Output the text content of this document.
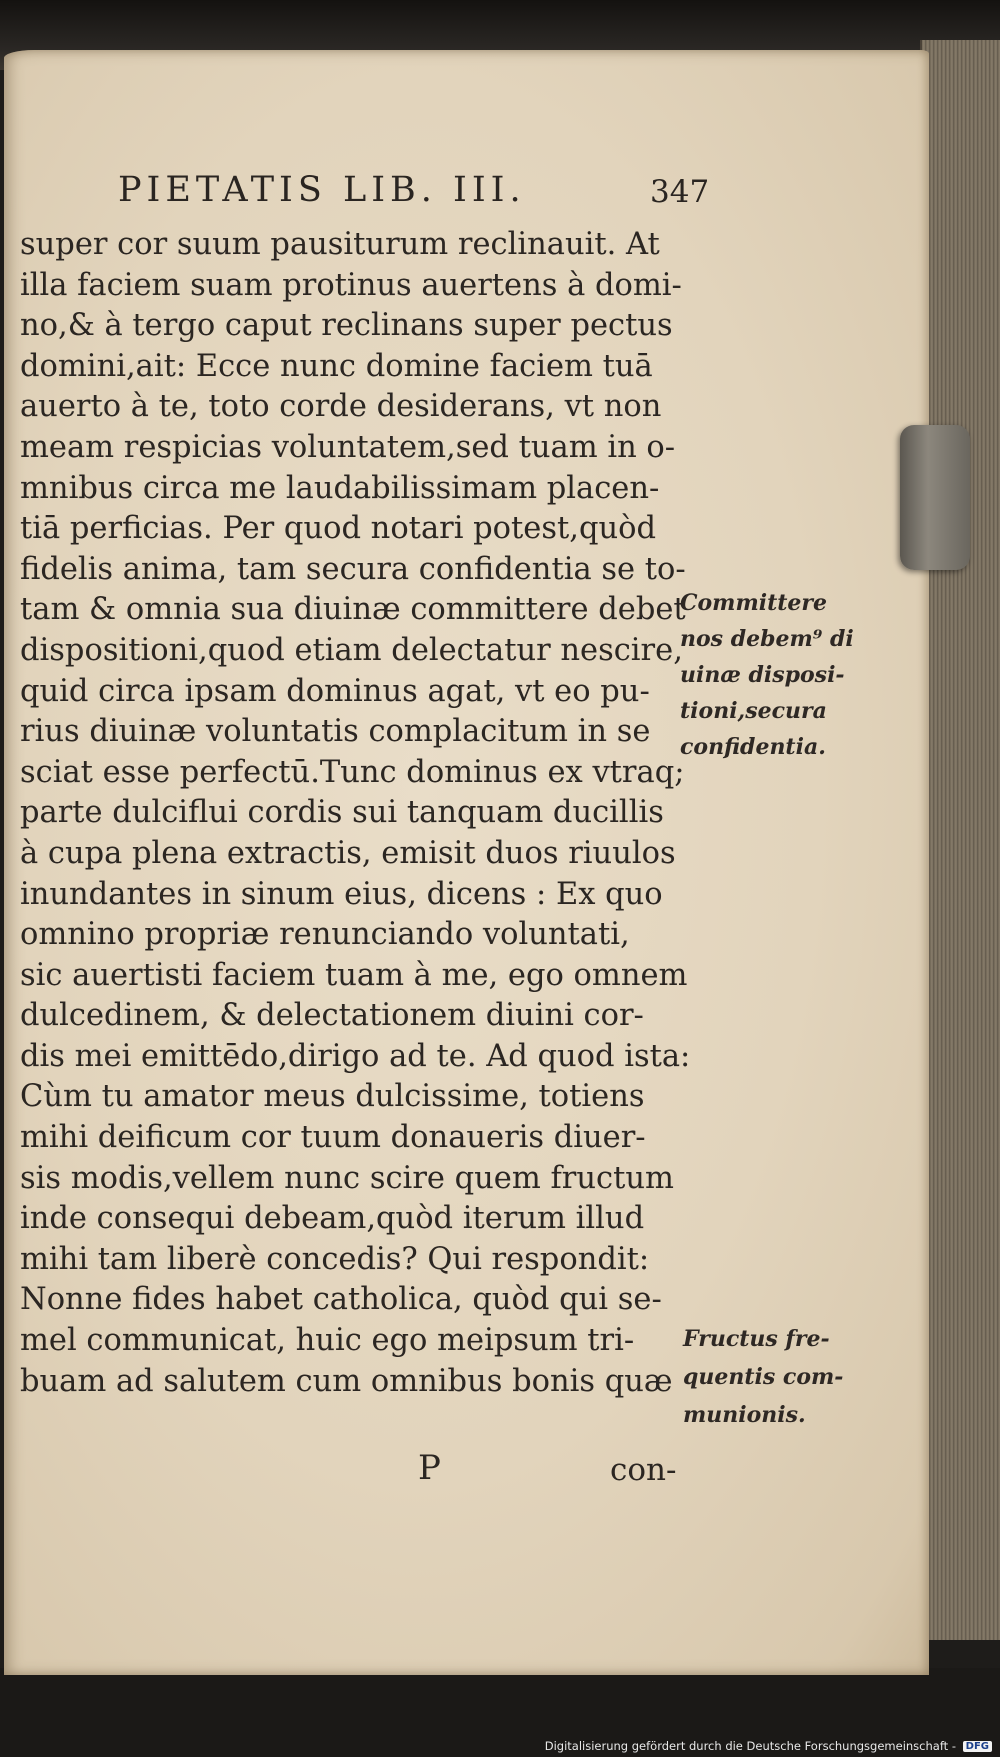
PIETATIS LIB. III.	347
super cor suum pausiturum reclinauit. At
illa faciem suam protinus auertens à domi-
no,& à tergo caput reclinans super pectus
domini,ait: Ecce nunc domine faciem tuā
auerto à te, toto corde desiderans, vt non
meam respicias voluntatem,sed tuam in o-
mnibus circa me laudabilissimam placen-
tiā perficias. Per quod notari potest,quòd
fidelis anima, tam secura confidentia se to-
tam & omnia sua diuinæ committere debet
dispositioni,quod etiam delectatur nescire,
quid circa ipsam dominus agat, vt eo pu-
rius diuinæ voluntatis complacitum in se
sciat esse perfectū.Tunc dominus ex vtraq;
parte dulciflui cordis sui tanquam ducillis
à cupa plena extractis, emisit duos riuulos
inundantes in sinum eius, dicens : Ex quo
omnino propriæ renunciando voluntati,
sic auertisti faciem tuam à me, ego omnem
dulcedinem, & delectationem diuini cor-
dis mei emittēdo,dirigo ad te. Ad quod ista:
Cùm tu amator meus dulcissime, totiens
mihi deificum cor tuum donaueris diuer-
sis modis,vellem nunc scire quem fructum
inde consequi debeam,quòd iterum illud
mihi tam liberè concedis? Qui respondit:
Nonne fides habet catholica, quòd qui se-
mel communicat, huic ego meipsum tri-
buam ad salutem cum omnibus bonis quæ
Committere
nos debem⁹ di
uinæ disposi-
tioni,secura
confidentia.
Fructus fre-
quentis com-
munionis.
P	con-
Digitalisierung gefördert durch die Deutsche Forschungsgemeinschaft - DFG
